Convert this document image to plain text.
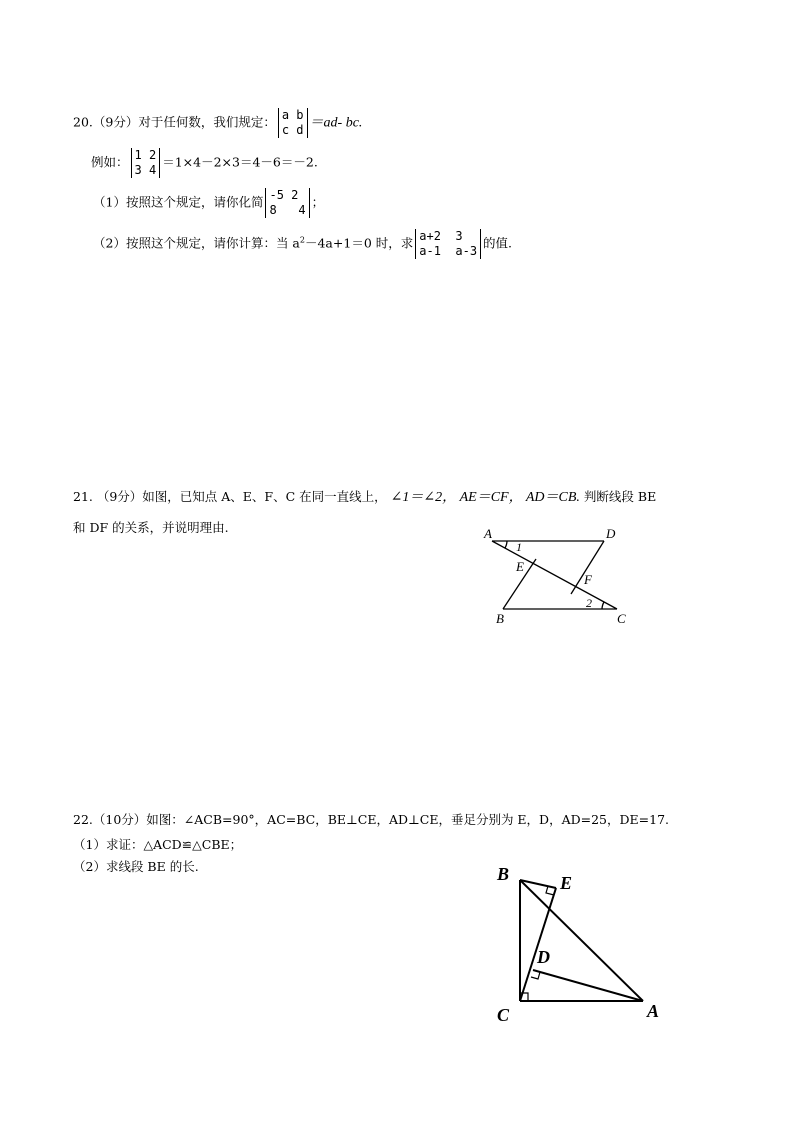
20.（9分）对于任何数，我们规定： a b
c d ＝ad- bc.
例如： 1 2
3 4
＝1×4－2×3＝4－6＝－2.
（1）按照这个规定，请你化简 -5 2
8   4
；
（2）按照这个规定，请你计算：当 $a^2-4a+1=0$ 时，求 a+2  3
a-1  a-3
的值.
21. （9分）如图，已知点 A、E、F、C 在同一直线上， ∠1＝∠2， AE＝CF， AD＝CB. 判断线段 BE
和 DF 的关系，并说明理由.	A	D
E
F
B	C
1
2
22.（10分）如图：∠ACB=90°，AC=BC，BE⊥CE，AD⊥CE，垂足分别为 E，D，AD=25，DE=17.
（1）求证：△ACD≌△CBE；
（2）求线段 BE 的长.	B	E
D
C	A
